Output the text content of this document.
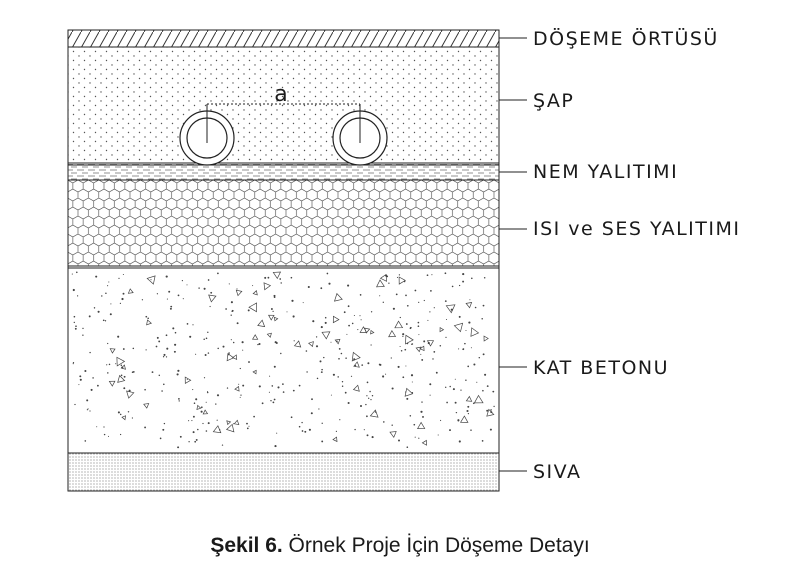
a
DÖŞEME ÖRTÜSÜ
ŞAP
NEM YALITIMI
ISI ve SES YALITIMI
KAT BETONU
SIVA
Şekil 6. Örnek Proje İçin Döşeme Detayı
